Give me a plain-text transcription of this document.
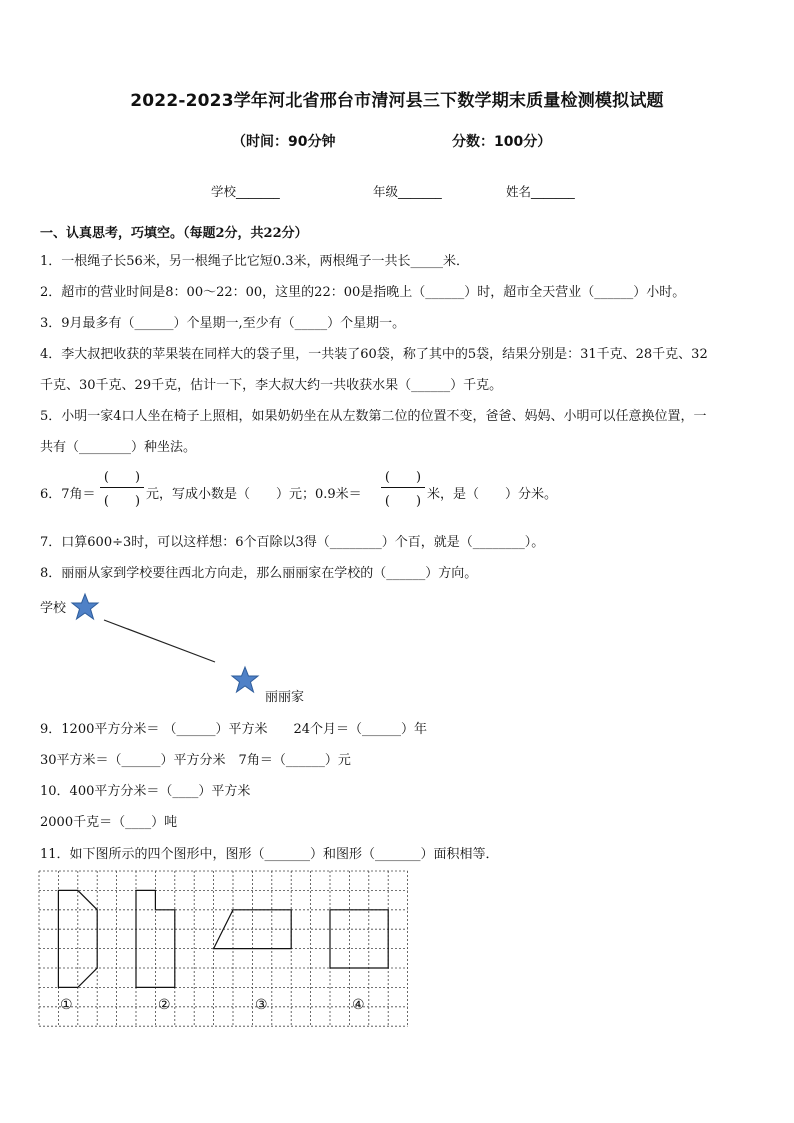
2022-2023学年河北省邢台市清河县三下数学期末质量检测模拟试题
（时间：90分钟	分数：100分）
学校_______	年级_______	姓名_______
一、认真思考，巧填空。（每题2分，共22分）
1．一根绳子长56米，另一根绳子比它短0.3米，两根绳子一共长_____米．
2．超市的营业时间是8：00～22：00，这里的22：00是指晚上（______）时，超市全天营业（______）小时。
3．9月最多有（______）个星期一,至少有（_____）个星期一。
4．李大叔把收获的苹果装在同样大的袋子里，一共装了60袋，称了其中的5袋，结果分别是：31千克、28千克、32
千克、30千克、29千克，估计一下，李大叔大约一共收获水果（______）千克。
5．小明一家4口人坐在椅子上照相，如果奶奶坐在从左数第二位的位置不变，爸爸、妈妈、小明可以任意换位置，一
共有（________）种坐法。
6．7角＝
(　　)
(　　) 元，写成小数是（　　）元；0.9米＝
(　　)
(　　) 米，是（　　）分米。
7．口算600÷3时，可以这样想：6个百除以3得（________）个百，就是（________）。
8．丽丽从家到学校要往西北方向走，那么丽丽家在学校的（______）方向。
学校
丽丽家
9．1200平方分米＝ （______）平方米　　24个月＝（______）年
30平方米＝（______）平方分米　7角＝（______）元
10．400平方分米＝（____）平方米
2000千克＝（____）吨
11．如下图所示的四个图形中，图形（_______）和图形（_______）面积相等．
①	②	③	④
